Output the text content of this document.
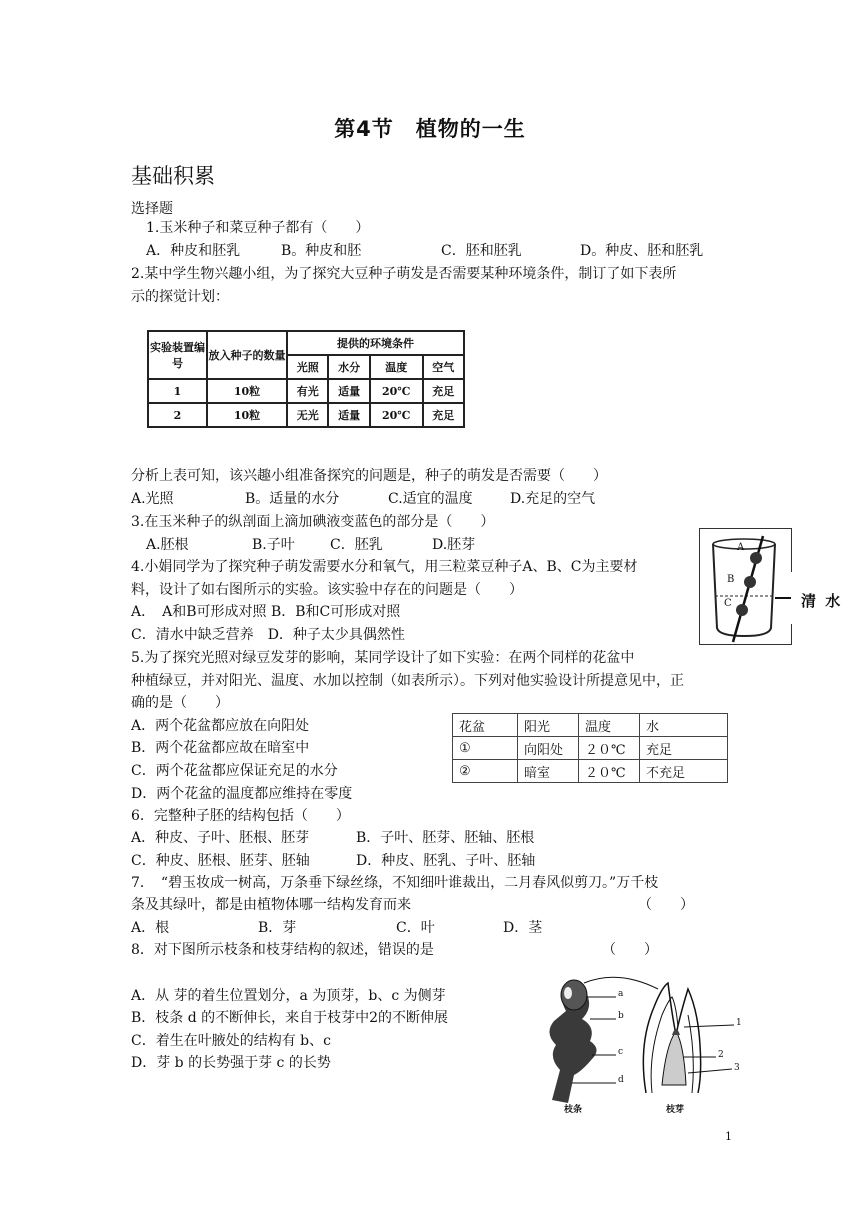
第4节　植物的一生
基础积累
选择题
1.玉米种子和菜豆种子都有（　　）
A．种皮和胚乳	B。种皮和胚	C．胚和胚乳	D。种皮、胚和胚乳
2.某中学生物兴趣小组，为了探究大豆种子萌发是否需要某种环境条件，制订了如下表所
示的探觉计划：
实验装置编号	放入种子的数量	提供的环境条件			
		光照	水分	温度	空气
1	10粒	有光	适量	20℃	充足
2	10粒	无光	适量	20℃	充足
分析上表可知，该兴趣小组准备探究的问题是，种子的萌发是否需要（　　）
A.光照	B。适量的水分	C.适宜的温度	D.充足的空气
3.在玉米种子的纵剖面上滴加碘液变蓝色的部分是（　　）
A.胚根	B.子叶	C．胚乳	D.胚芽
4.小娟同学为了探究种子萌发需要水分和氧气，用三粒菜豆种子A、B、C为主要材
料，设计了如右图所示的实验。该实验中存在的问题是（　　）
A．　A和B可形成对照 B．B和C可形成对照
C．清水中缺乏营养　D．种子太少具偶然性
A
B
C	清 水
5.为了探究光照对绿豆发芽的影响，某同学设计了如下实验：在两个同样的花盆中
种植绿豆，并对阳光、温度、水加以控制（如表所示）。下列对他实验设计所提意见中，正
确的是（　　）
A．两个花盆都应放在向阳处
B．两个花盆都应故在暗室中
C．两个花盆都应保证充足的水分
D．两个花盆的温度都应维持在零度
花盆	阳光	温度	水
①	向阳处	２０℃	充足
②	暗室	２０℃	不充足
6．完整种子胚的结构包括（　　）
A．种皮、子叶、胚根、胚芽	B．子叶、胚芽、胚轴、胚根
C．种皮、胚根、胚芽、胚轴	D．种皮、胚乳、子叶、胚轴
7．　“碧玉妆成一树高，万条垂下绿丝绦，不知细叶谁裁出，二月春风似剪刀。”万千枝
条及其绿叶，都是由植物体哪一结构发育而来	（　　）
A．根	B．芽	C．叶	D．茎
8．对下图所示枝条和枝芽结构的叙述，错误的是	（　　）
A．从 芽的着生位置划分，a 为顶芽，b、c 为侧芽
B．枝条 d 的不断伸长，来自于枝芽中2的不断伸展
C．着生在叶腋处的结构有 b、c
D．芽 b 的长势强于芽 c 的长势
a
b
c
d
1
2
3
枝条	枝芽
1
